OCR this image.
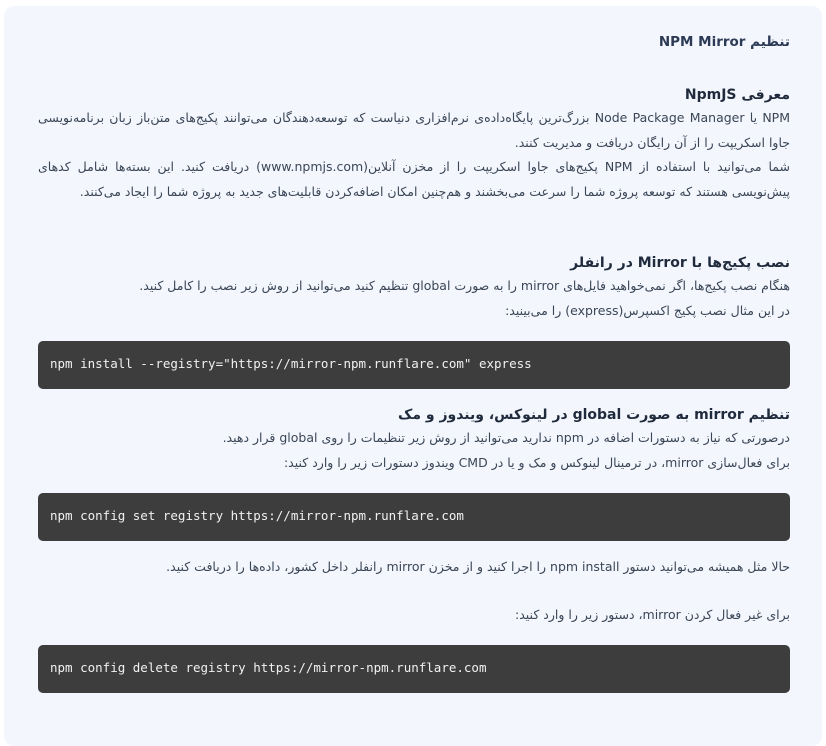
تنظیم NPM Mirror
معرفی NpmJS

NPM یا Node Package Manager بزرگ‌ترین پایگاه‌داده‌ی نرم‌افزاری دنیاست که توسعه‌دهندگان می‌توانند پکیج‌های متن‌باز زبان برنامه‌نویسی جاوا اسکریپت را از آن رایگان دریافت و مدیریت کنند.

شما می‌توانید با استفاده از NPM پکیج‌های جاوا اسکریپت را از مخزن آنلاین(www.npmjs.com) دریافت کنید. این بسته‌ها شامل کدهای پیش‌نویسی هستند که توسعه پروژه شما را سرعت می‌بخشند و هم‌چنین امکان اضافه‌کردن قابلیت‌های جدید به پروژه شما را ایجاد می‌کنند.

نصب پکیج‌ها با Mirror در رانفلر

هنگام نصب پکیج‌ها، اگر نمی‌خواهید فایل‌های mirror را به صورت global تنظیم کنید می‌توانید از روش زیر نصب را کامل کنید.

در این مثال نصب پکیج اکسپرس(express) را می‌بینید:

npm install --registry="https://mirror-npm.runflare.com" express
تنظیم mirror به صورت global در لینوکس، ویندوز و مک

درصورتی که نیاز به دستورات اضافه در npm ندارید می‌توانید از روش زیر تنظیمات را روی global قرار دهید.

برای فعال‌سازی mirror، در ترمینال لینوکس و مک و یا در CMD ویندوز دستورات زیر را وارد کنید:

npm config set registry https://mirror-npm.runflare.com

حالا مثل همیشه می‌توانید دستور npm install را اجرا کنید و از مخزن mirror رانفلر داخل کشور، داده‌ها را دریافت کنید.

برای غیر فعال کردن mirror، دستور زیر را وارد کنید:

npm config delete registry https://mirror-npm.runflare.com
